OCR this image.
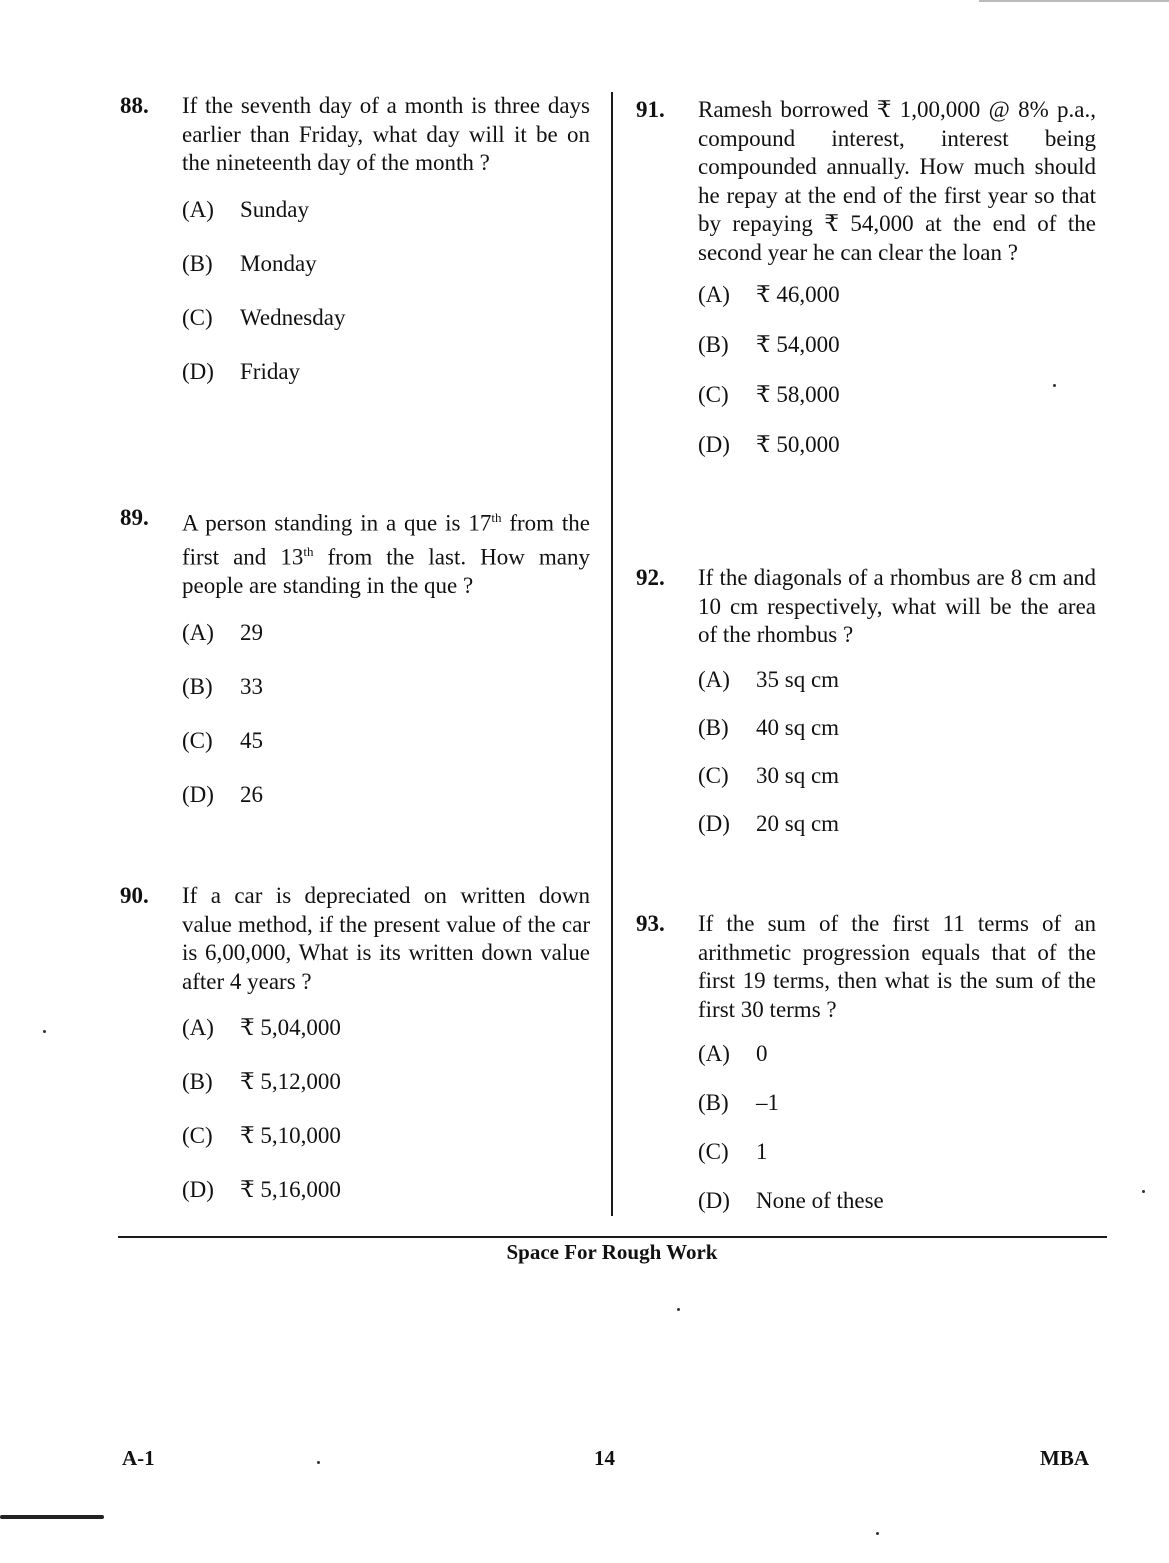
88. If the seventh day of a month is three days earlier than Friday, what day will it be on the nineteenth day of the month ?
(A) Sunday
(B) Monday
(C) Wednesday
(D) Friday
89. A person standing in a que is 17th from the first and 13th from the last. How many people are standing in the que ?
(A) 29
(B) 33
(C) 45
(D) 26
90. If a car is depreciated on written down value method, if the present value of the car is 6,00,000, What is its written down value after 4 years ?
(A) ₹ 5,04,000
(B) ₹ 5,12,000
(C) ₹ 5,10,000
(D) ₹ 5,16,000
91. Ramesh borrowed ₹ 1,00,000 @ 8% p.a., compound interest, interest being compounded annually. How much should he repay at the end of the first year so that by repaying ₹ 54,000 at the end of the second year he can clear the loan ?
(A) ₹ 46,000
(B) ₹ 54,000
(C) ₹ 58,000
(D) ₹ 50,000
92. If the diagonals of a rhombus are 8 cm and 10 cm respectively, what will be the area of the rhombus ?
(A) 35 sq cm
(B) 40 sq cm
(C) 30 sq cm
(D) 20 sq cm
93. If the sum of the first 11 terms of an arithmetic progression equals that of the first 19 terms, then what is the sum of the first 30 terms ?
(A) 0
(B) –1
(C) 1
(D) None of these
Space For Rough Work
A-1	14	MBA
